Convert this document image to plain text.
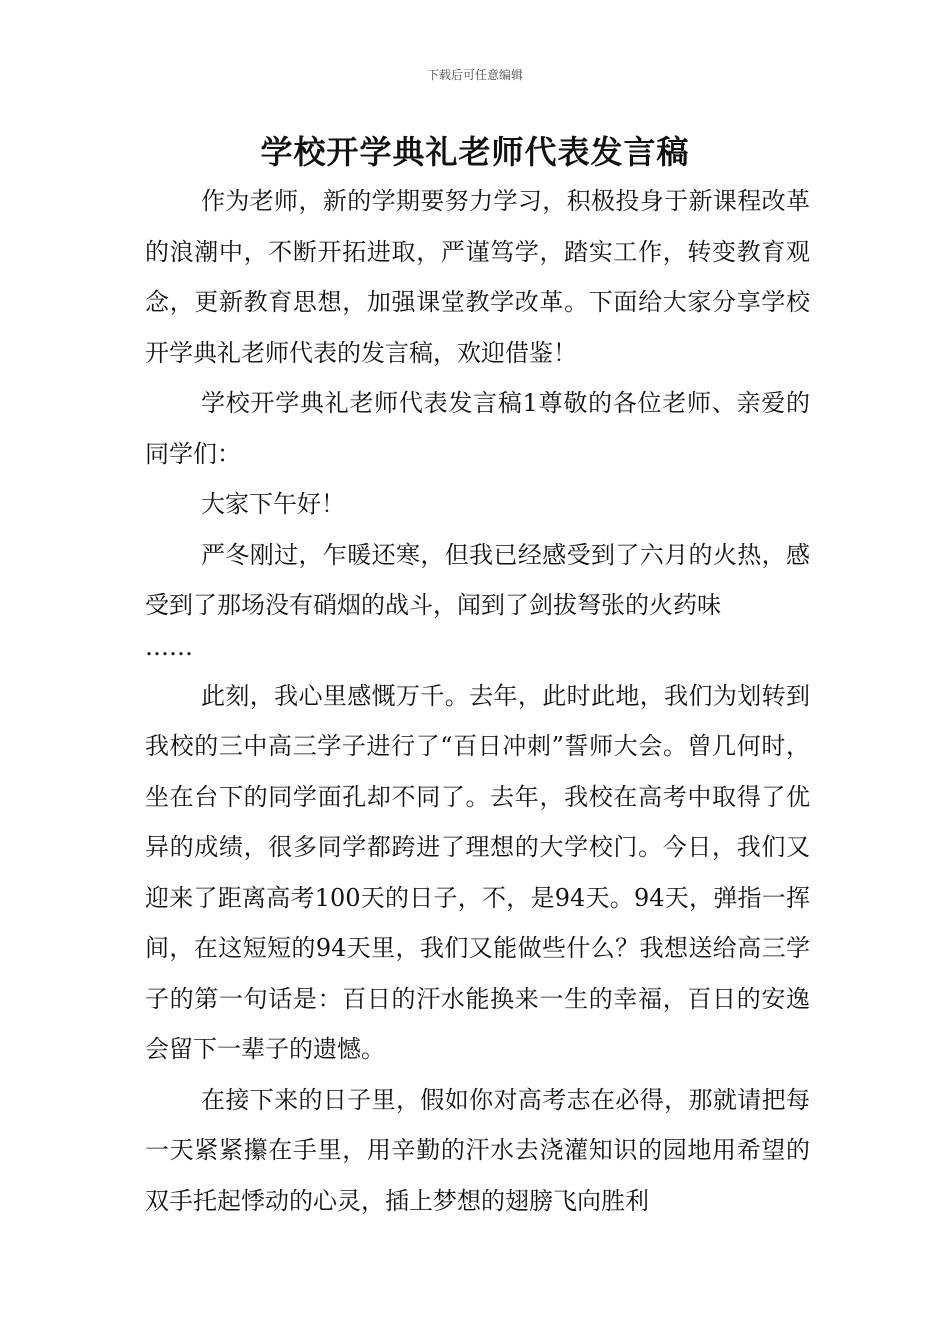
下载后可任意编辑
学校开学典礼老师代表发言稿

作为老师，新的学期要努力学习，积极投身于新课程改革的浪潮中，不断开拓进取，严谨笃学，踏实工作，转变教育观念，更新教育思想，加强课堂教学改革。下面给大家分享学校开学典礼老师代表的发言稿，欢迎借鉴！

学校开学典礼老师代表发言稿1尊敬的各位老师、亲爱的同学们：

大家下午好！

严冬刚过，乍暖还寒，但我已经感受到了六月的火热，感受到了那场没有硝烟的战斗，闻到了剑拔弩张的火药味

……

此刻，我心里感慨万千。去年，此时此地，我们为划转到我校的三中高三学子进行了“百日冲刺”誓师大会。曾几何时，坐在台下的同学面孔却不同了。去年，我校在高考中取得了优异的成绩，很多同学都跨进了理想的大学校门。今日，我们又迎来了距离高考100天的日子，不，是94天。94天，弹指一挥间，在这短短的94天里，我们又能做些什么？我想送给高三学子的第一句话是：百日的汗水能换来一生的幸福，百日的安逸会留下一辈子的遗憾。

在接下来的日子里，假如你对高考志在必得，那就请把每一天紧紧攥在手里，用辛勤的汗水去浇灌知识的园地用希望的双手托起悸动的心灵，插上梦想的翅膀飞向胜利
